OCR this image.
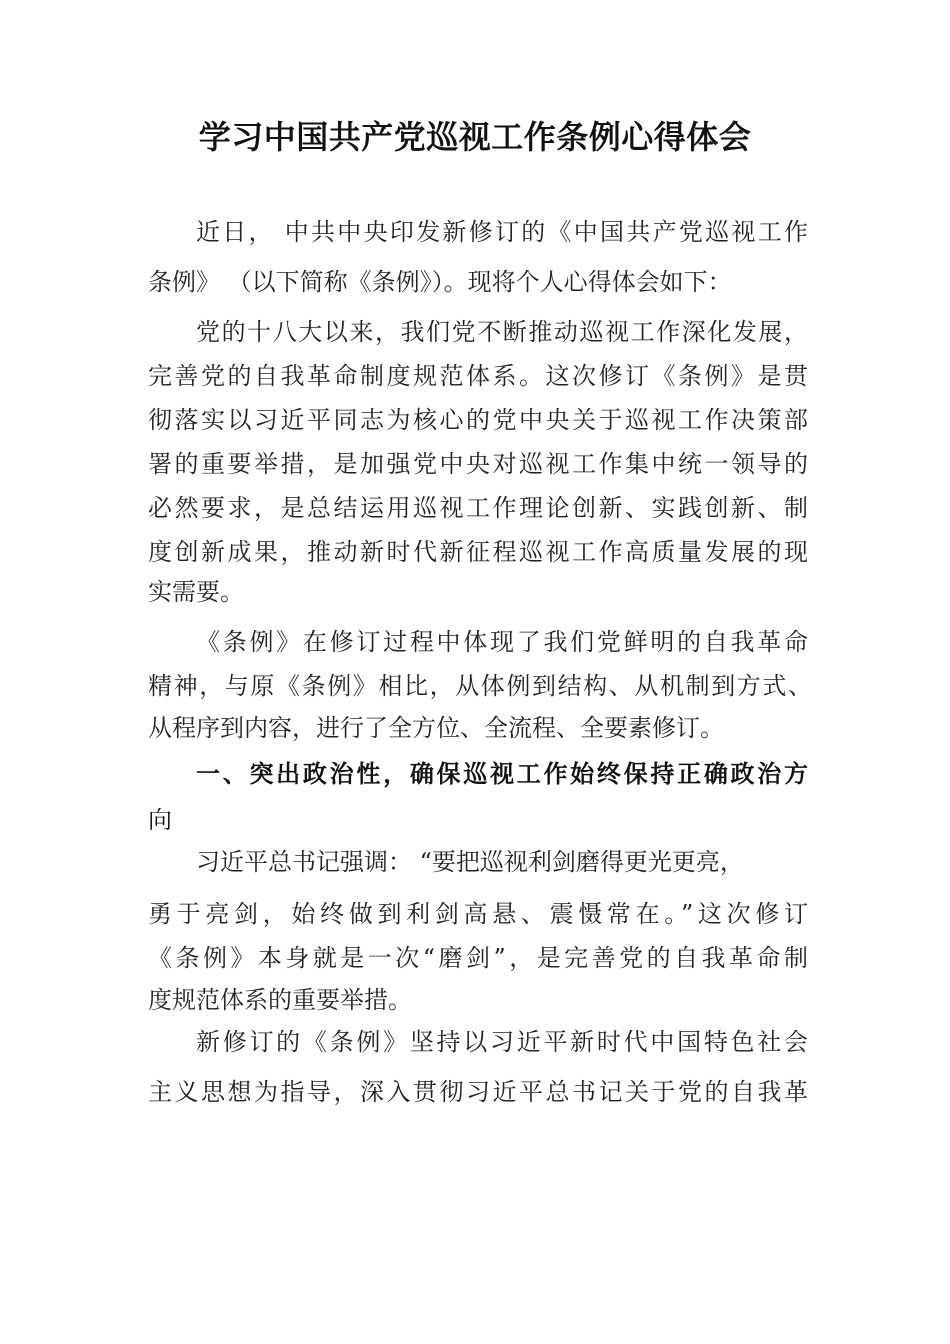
学习中国共产党巡视工作条例心得体会
近日， 中共中央印发新修订的《中国共产党巡视工作
条例》 （以下简称《条例》）。现将个人心得体会如下：
党的十八大以来，我们党不断推动巡视工作深化发展，
完善党的自我革命制度规范体系。这次修订《条例》是贯
彻落实以习近平同志为核心的党中央关于巡视工作决策部
署的重要举措，是加强党中央对巡视工作集中统一领导的
必然要求，是总结运用巡视工作理论创新、实践创新、制
度创新成果，推动新时代新征程巡视工作高质量发展的现
实需要。
《条例》在修订过程中体现了我们党鲜明的自我革命
精神，与原《条例》相比，从体例到结构、从机制到方式、
从程序到内容，进行了全方位、全流程、全要素修订。
一、突出政治性，确保巡视工作始终保持正确政治方
向
习近平总书记强调： “要把巡视利剑磨得更光更亮，
勇于亮剑，始终做到利剑高悬、震慑常在。”这次修订
《条例》本身就是一次“磨剑”，是完善党的自我革命制
度规范体系的重要举措。
新修订的《条例》坚持以习近平新时代中国特色社会
主义思想为指导，深入贯彻习近平总书记关于党的自我革
